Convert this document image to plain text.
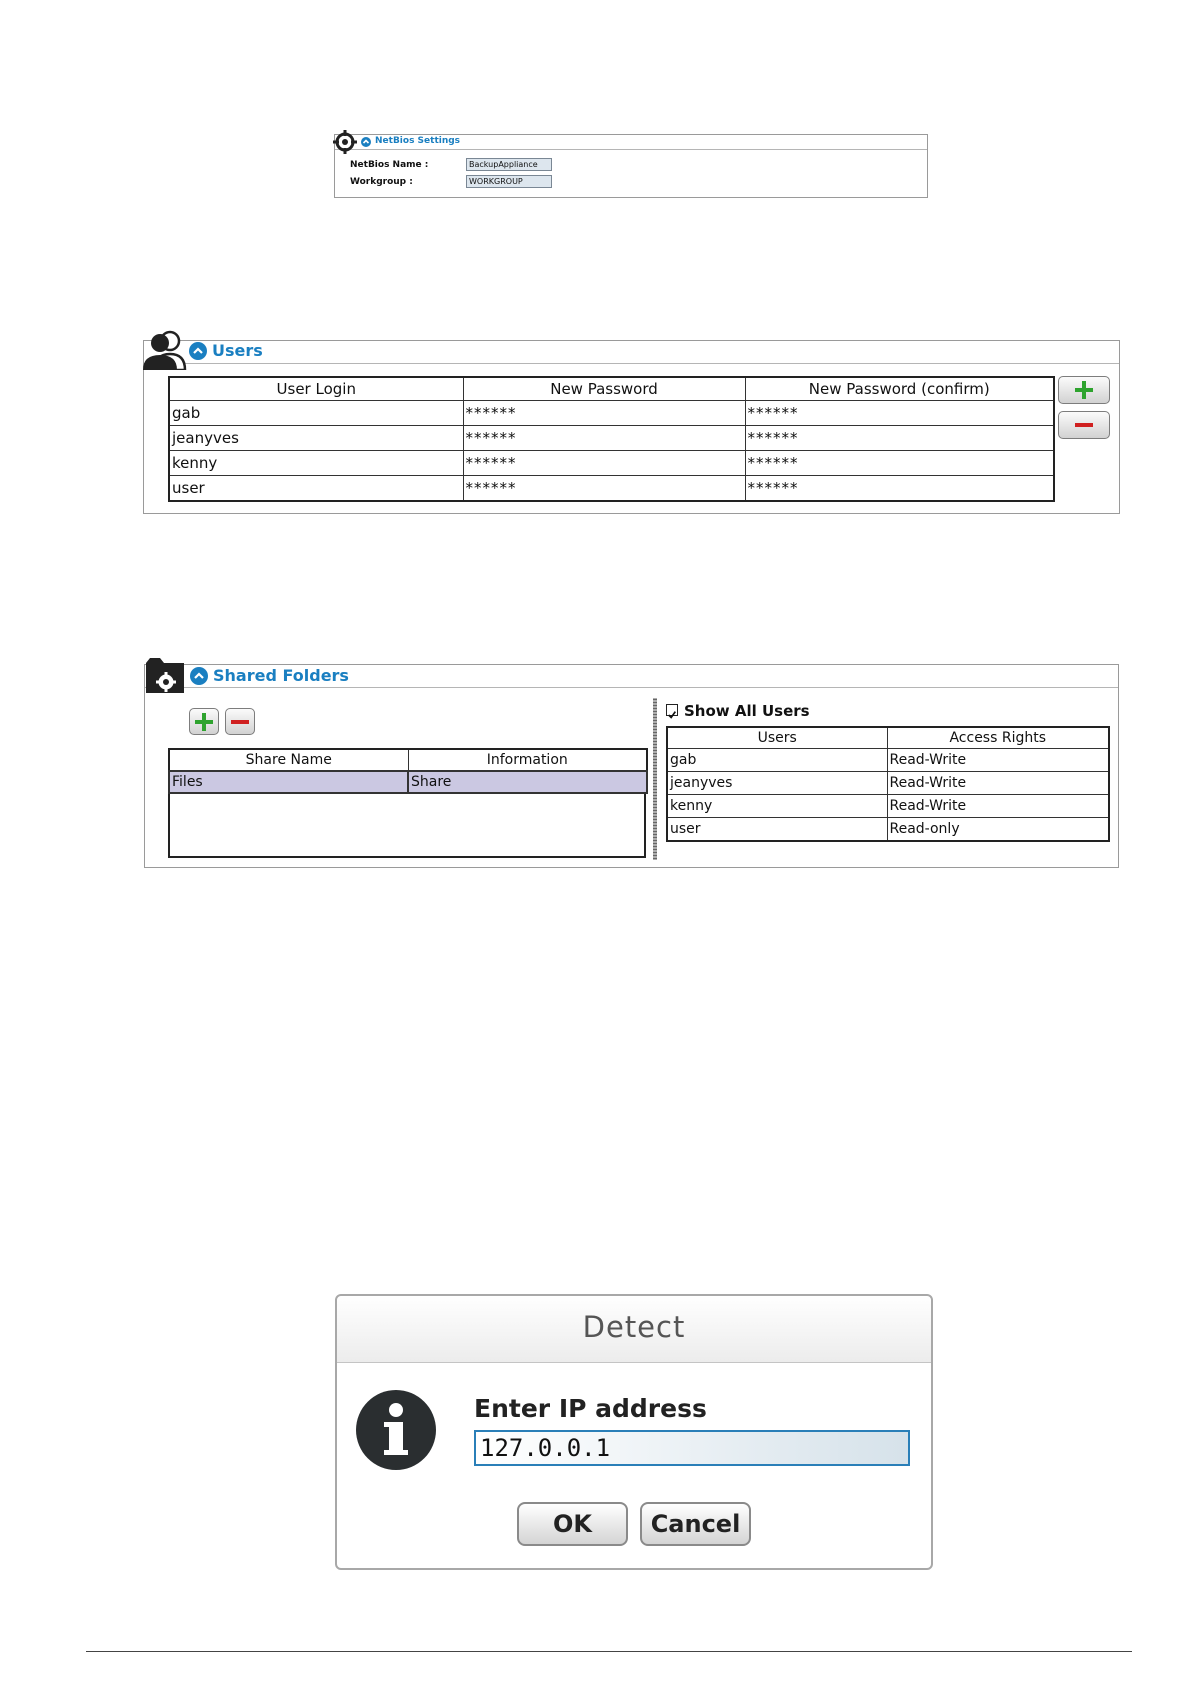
NetBios Settings
NetBios Name :
BackupAppliance
Workgroup :
WORKGROUP
Users
User Login	New Password	New Password (confirm)
gab	******	******
jeanyves	******	******
kenny	******	******
user	******	******
Shared Folders
Share Name	Information
Files	Share
Show All Users
Users	Access Rights
gab	Read-Write
jeanyves	Read-Write
kenny	Read-Write
user	Read-only
Detect
Enter IP address
127.0.0.1
OK	Cancel
